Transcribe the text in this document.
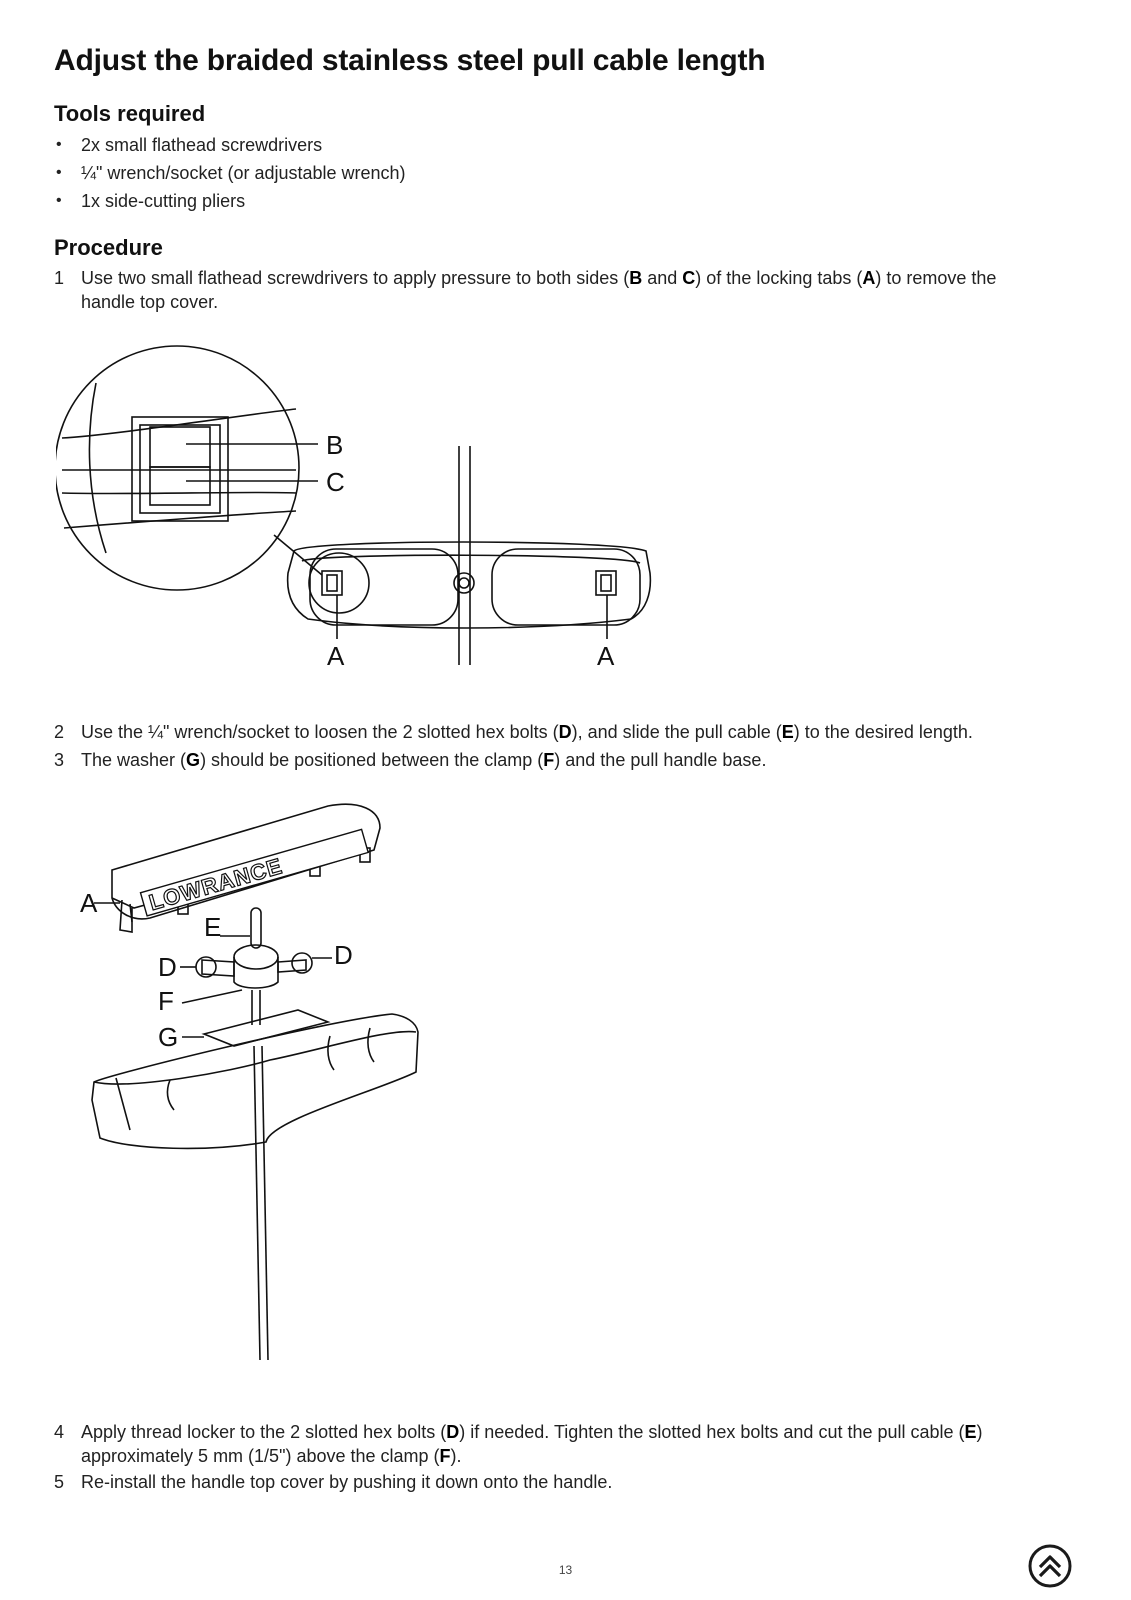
Adjust the braided stainless steel pull cable length
Tools required
• 2x small flathead screwdrivers
• ¼" wrench/socket (or adjustable wrench)
• 1x side-cutting pliers
Procedure
1 Use two small flathead screwdrivers to apply pressure to both sides (B and C) of the locking tabs (A) to remove the handle top cover.
B
C
A	A
2 Use the ¼" wrench/socket to loosen the 2 slotted hex bolts (D), and slide the pull cable (E) to the desired length.
3 The washer (G) should be positioned between the clamp (F) and the pull handle base.
LOWRANCE
A
E
D	D
F
G
4 Apply thread locker to the 2 slotted hex bolts (D) if needed. Tighten the slotted hex bolts and cut the pull cable (E) approximately 5 mm (1/5") above the clamp (F).
5 Re-install the handle top cover by pushing it down onto the handle.
13
